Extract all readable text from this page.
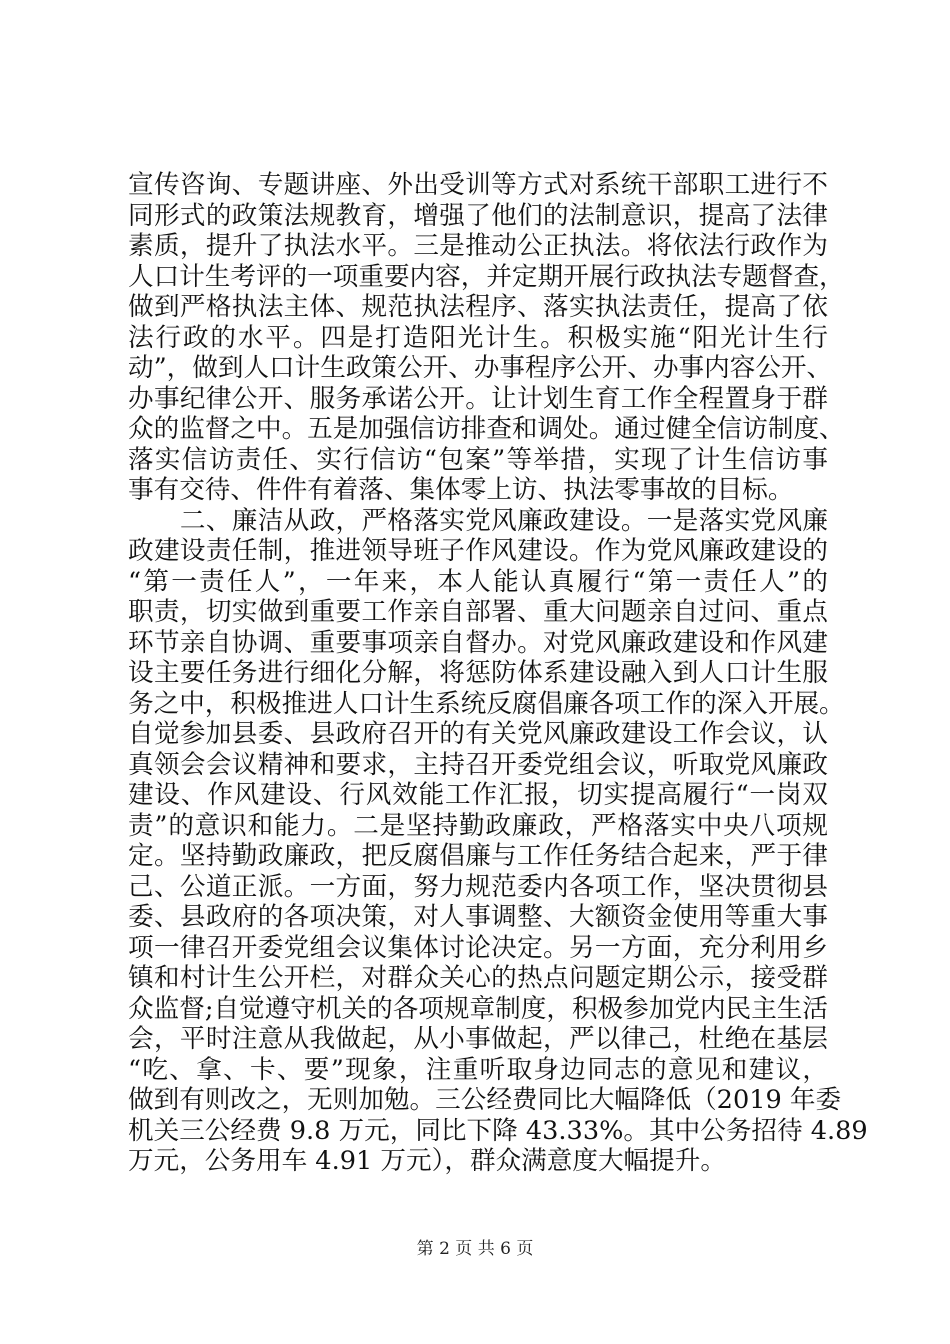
宣传咨询、专题讲座、外出受训等方式对系统干部职工进行不
同形式的政策法规教育，增强了他们的法制意识，提高了法律
素质，提升了执法水平。三是推动公正执法。将依法行政作为
人口计生考评的一项重要内容，并定期开展行政执法专题督查，
做到严格执法主体、规范执法程序、落实执法责任，提高了依
法行政的水平。四是打造阳光计生。积极实施“阳光计生行
动”，做到人口计生政策公开、办事程序公开、办事内容公开、
办事纪律公开、服务承诺公开。让计划生育工作全程置身于群
众的监督之中。五是加强信访排查和调处。通过健全信访制度、
落实信访责任、实行信访“包案”等举措，实现了计生信访事
事有交待、件件有着落、集体零上访、执法零事故的目标。
　　二、廉洁从政，严格落实党风廉政建设。一是落实党风廉
政建设责任制，推进领导班子作风建设。作为党风廉政建设的
“第一责任人”，一年来，本人能认真履行“第一责任人”的
职责，切实做到重要工作亲自部署、重大问题亲自过问、重点
环节亲自协调、重要事项亲自督办。对党风廉政建设和作风建
设主要任务进行细化分解，将惩防体系建设融入到人口计生服
务之中，积极推进人口计生系统反腐倡廉各项工作的深入开展。
自觉参加县委、县政府召开的有关党风廉政建设工作会议，认
真领会会议精神和要求，主持召开委党组会议，听取党风廉政
建设、作风建设、行风效能工作汇报，切实提高履行“一岗双
责”的意识和能力。二是坚持勤政廉政，严格落实中央八项规
定。坚持勤政廉政，把反腐倡廉与工作任务结合起来，严于律
己、公道正派。一方面，努力规范委内各项工作，坚决贯彻县
委、县政府的各项决策，对人事调整、大额资金使用等重大事
项一律召开委党组会议集体讨论决定。另一方面，充分利用乡
镇和村计生公开栏，对群众关心的热点问题定期公示，接受群
众监督;自觉遵守机关的各项规章制度，积极参加党内民主生活
会，平时注意从我做起，从小事做起，严以律己，杜绝在基层
“吃、拿、卡、要”现象，注重听取身边同志的意见和建议，
做到有则改之，无则加勉。三公经费同比大幅降低（2019 年委
机关三公经费 9.8 万元，同比下降 43.33%。其中公务招待 4.89
万元，公务用车 4.91 万元），群众满意度大幅提升。
第 2 页 共 6 页
